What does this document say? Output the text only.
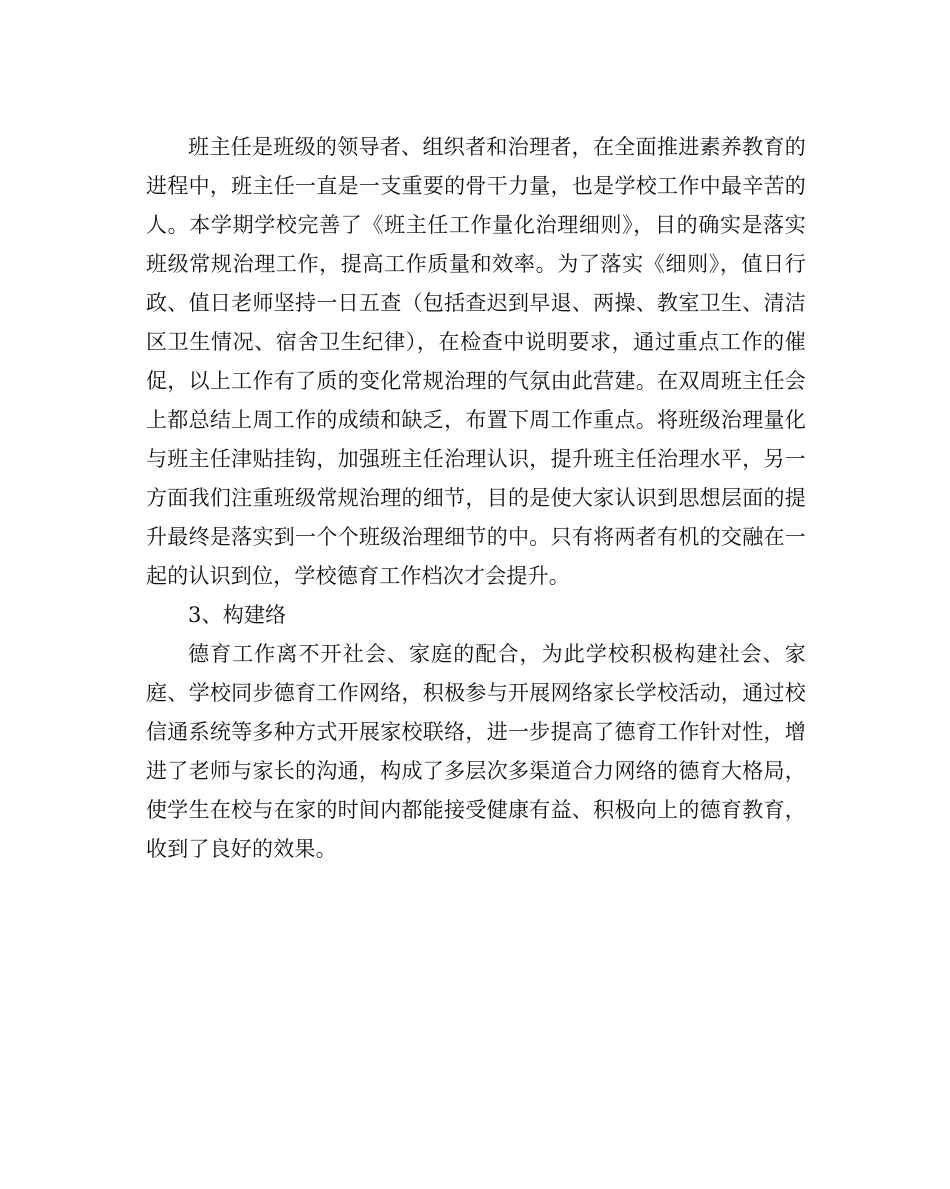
班主任是班级的领导者、组织者和治理者，在全面推进素养教育的进程中，班主任一直是一支重要的骨干力量，也是学校工作中最辛苦的人。本学期学校完善了《班主任工作量化治理细则》，目的确实是落实班级常规治理工作，提高工作质量和效率。为了落实《细则》，值日行政、值日老师坚持一日五查（包括查迟到早退、两操、教室卫生、清洁区卫生情况、宿舍卫生纪律），在检查中说明要求，通过重点工作的催促，以上工作有了质的变化常规治理的气氛由此营建。在双周班主任会上都总结上周工作的成绩和缺乏，布置下周工作重点。将班级治理量化与班主任津贴挂钩，加强班主任治理认识，提升班主任治理水平，另一方面我们注重班级常规治理的细节，目的是使大家认识到思想层面的提升最终是落实到一个个班级治理细节的中。只有将两者有机的交融在一起的认识到位，学校德育工作档次才会提升。

3、构建络

德育工作离不开社会、家庭的配合，为此学校积极构建社会、家庭、学校同步德育工作网络，积极参与开展网络家长学校活动，通过校信通系统等多种方式开展家校联络，进一步提高了德育工作针对性，增进了老师与家长的沟通，构成了多层次多渠道合力网络的德育大格局，使学生在校与在家的时间内都能接受健康有益、积极向上的德育教育，收到了良好的效果。
